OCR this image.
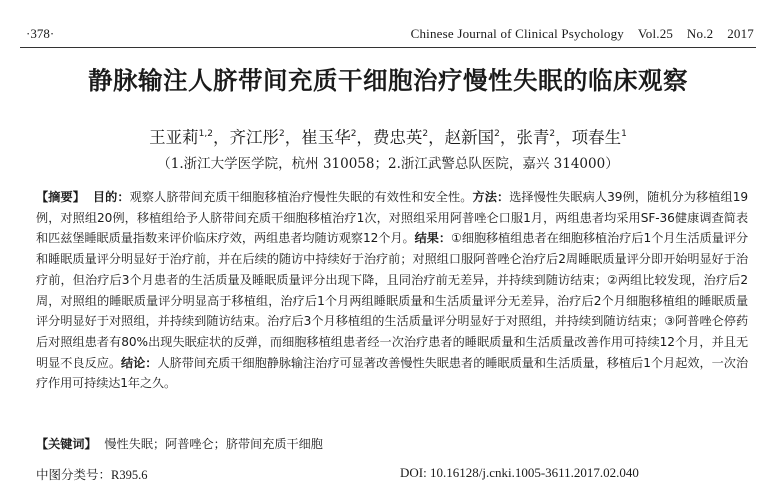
·378·	Chinese Journal of Clinical Psychology Vol.25 No.2 2017
静脉输注人脐带间充质干细胞治疗慢性失眠的临床观察
王亚莉$^{1,2}$，齐江彤$^2$，崔玉华$^2$，费忠英$^2$，赵新国$^2$，张青$^2$，项春生$^1$
（1.浙江大学医学院，杭州 310058；2.浙江武警总队医院，嘉兴 314000）
【摘要】 目的：观察人脐带间充质干细胞移植治疗慢性失眠的有效性和安全性。方法：选择慢性失眠病人39例，随机分为移植组19例，对照组20例，移植组给予人脐带间充质干细胞移植治疗1次，对照组采用阿普唑仑口服1月，两组患者均采用SF-36健康调查简表和匹兹堡睡眠质量指数来评价临床疗效，两组患者均随访观察12个月。结果：①细胞移植组患者在细胞移植治疗后1个月生活质量评分和睡眠质量评分明显好于治疗前，并在后续的随访中持续好于治疗前；对照组口服阿普唑仑治疗后2周睡眠质量评分即开始明显好于治疗前，但治疗后3个月患者的生活质量及睡眠质量评分出现下降，且同治疗前无差异，并持续到随访结束；②两组比较发现，治疗后2周，对照组的睡眠质量评分明显高于移植组，治疗后1个月两组睡眠质量和生活质量评分无差异，治疗后2个月细胞移植组的睡眠质量评分明显好于对照组，并持续到随访结束。治疗后3个月移植组的生活质量评分明显好于对照组，并持续到随访结束；③阿普唑仑停药后对照组患者有80%出现失眠症状的反弹，而细胞移植组患者经一次治疗患者的睡眠质量和生活质量改善作用可持续12个月，并且无明显不良反应。结论：人脐带间充质干细胞静脉输注治疗可显著改善慢性失眠患者的睡眠质量和生活质量，移植后1个月起效，一次治疗作用可持续达1年之久。
【关键词】 慢性失眠；阿普唑仑；脐带间充质干细胞
中图分类号：R395.6	DOI: 10.16128/j.cnki.1005-3611.2017.02.040
